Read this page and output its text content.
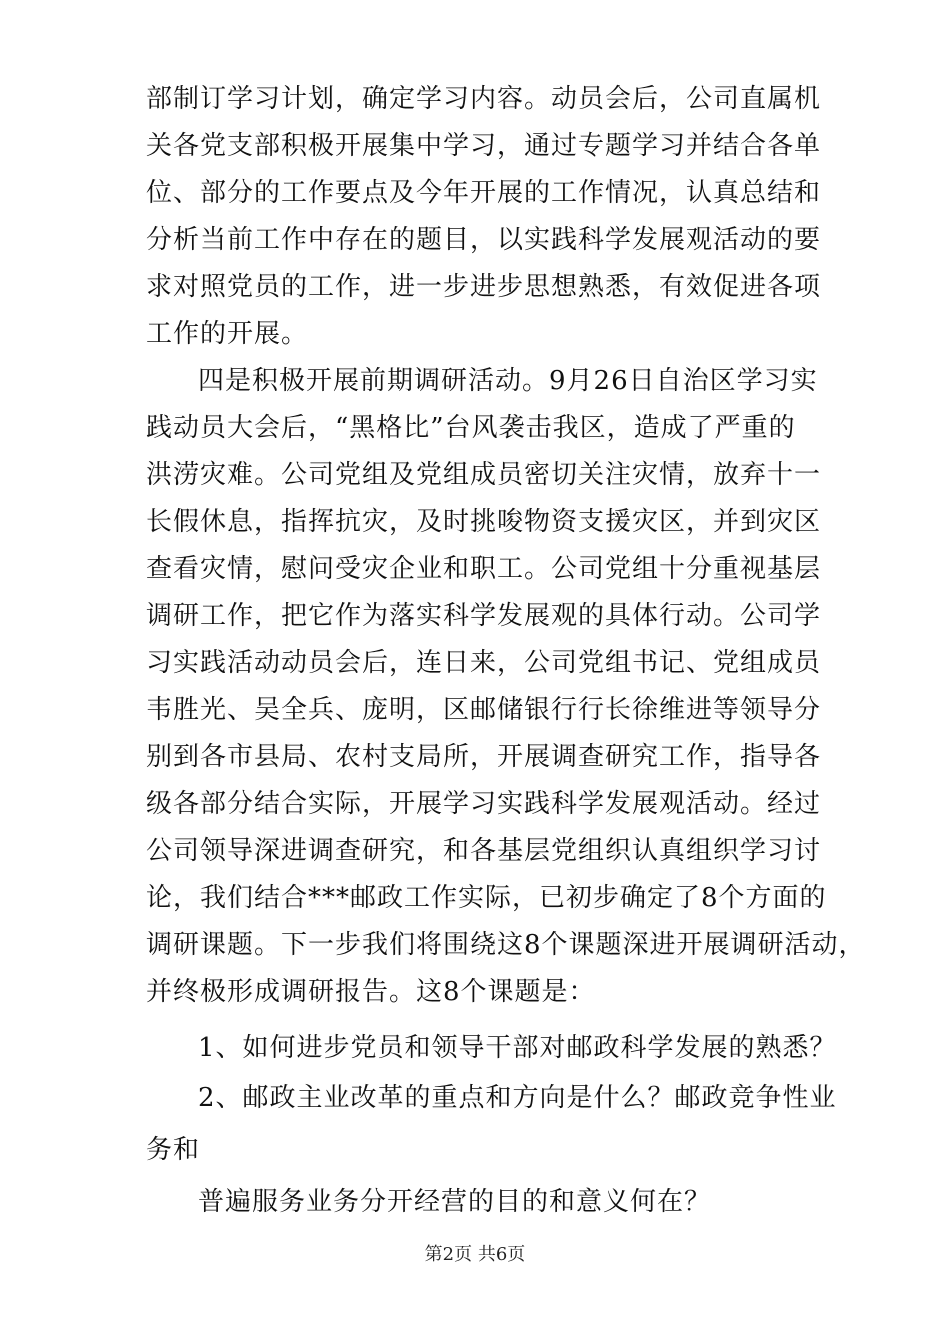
部制订学习计划，确定学习内容。动员会后，公司直属机
关各党支部积极开展集中学习，通过专题学习并结合各单
位、部分的工作要点及今年开展的工作情况，认真总结和
分析当前工作中存在的题目，以实践科学发展观活动的要
求对照党员的工作，进一步进步思想熟悉，有效促进各项
工作的开展。
四是积极开展前期调研活动。9月26日自治区学习实
践动员大会后，“黑格比”台风袭击我区，造成了严重的
洪涝灾难。公司党组及党组成员密切关注灾情，放弃十一
长假休息，指挥抗灾，及时挑唆物资支援灾区，并到灾区
查看灾情，慰问受灾企业和职工。公司党组十分重视基层
调研工作，把它作为落实科学发展观的具体行动。公司学
习实践活动动员会后，连日来，公司党组书记、党组成员
韦胜光、吴全兵、庞明，区邮储银行行长徐维进等领导分
别到各市县局、农村支局所，开展调查研究工作，指导各
级各部分结合实际，开展学习实践科学发展观活动。经过
公司领导深进调查研究，和各基层党组织认真组织学习讨
论，我们结合***邮政工作实际，已初步确定了8个方面的
调研课题。下一步我们将围绕这8个课题深进开展调研活动，
并终极形成调研报告。这8个课题是：
1、如何进步党员和领导干部对邮政科学发展的熟悉？
2、邮政主业改革的重点和方向是什么？邮政竞争性业
务和
第2页 共6页
普遍服务业务分开经营的目的和意义何在？
